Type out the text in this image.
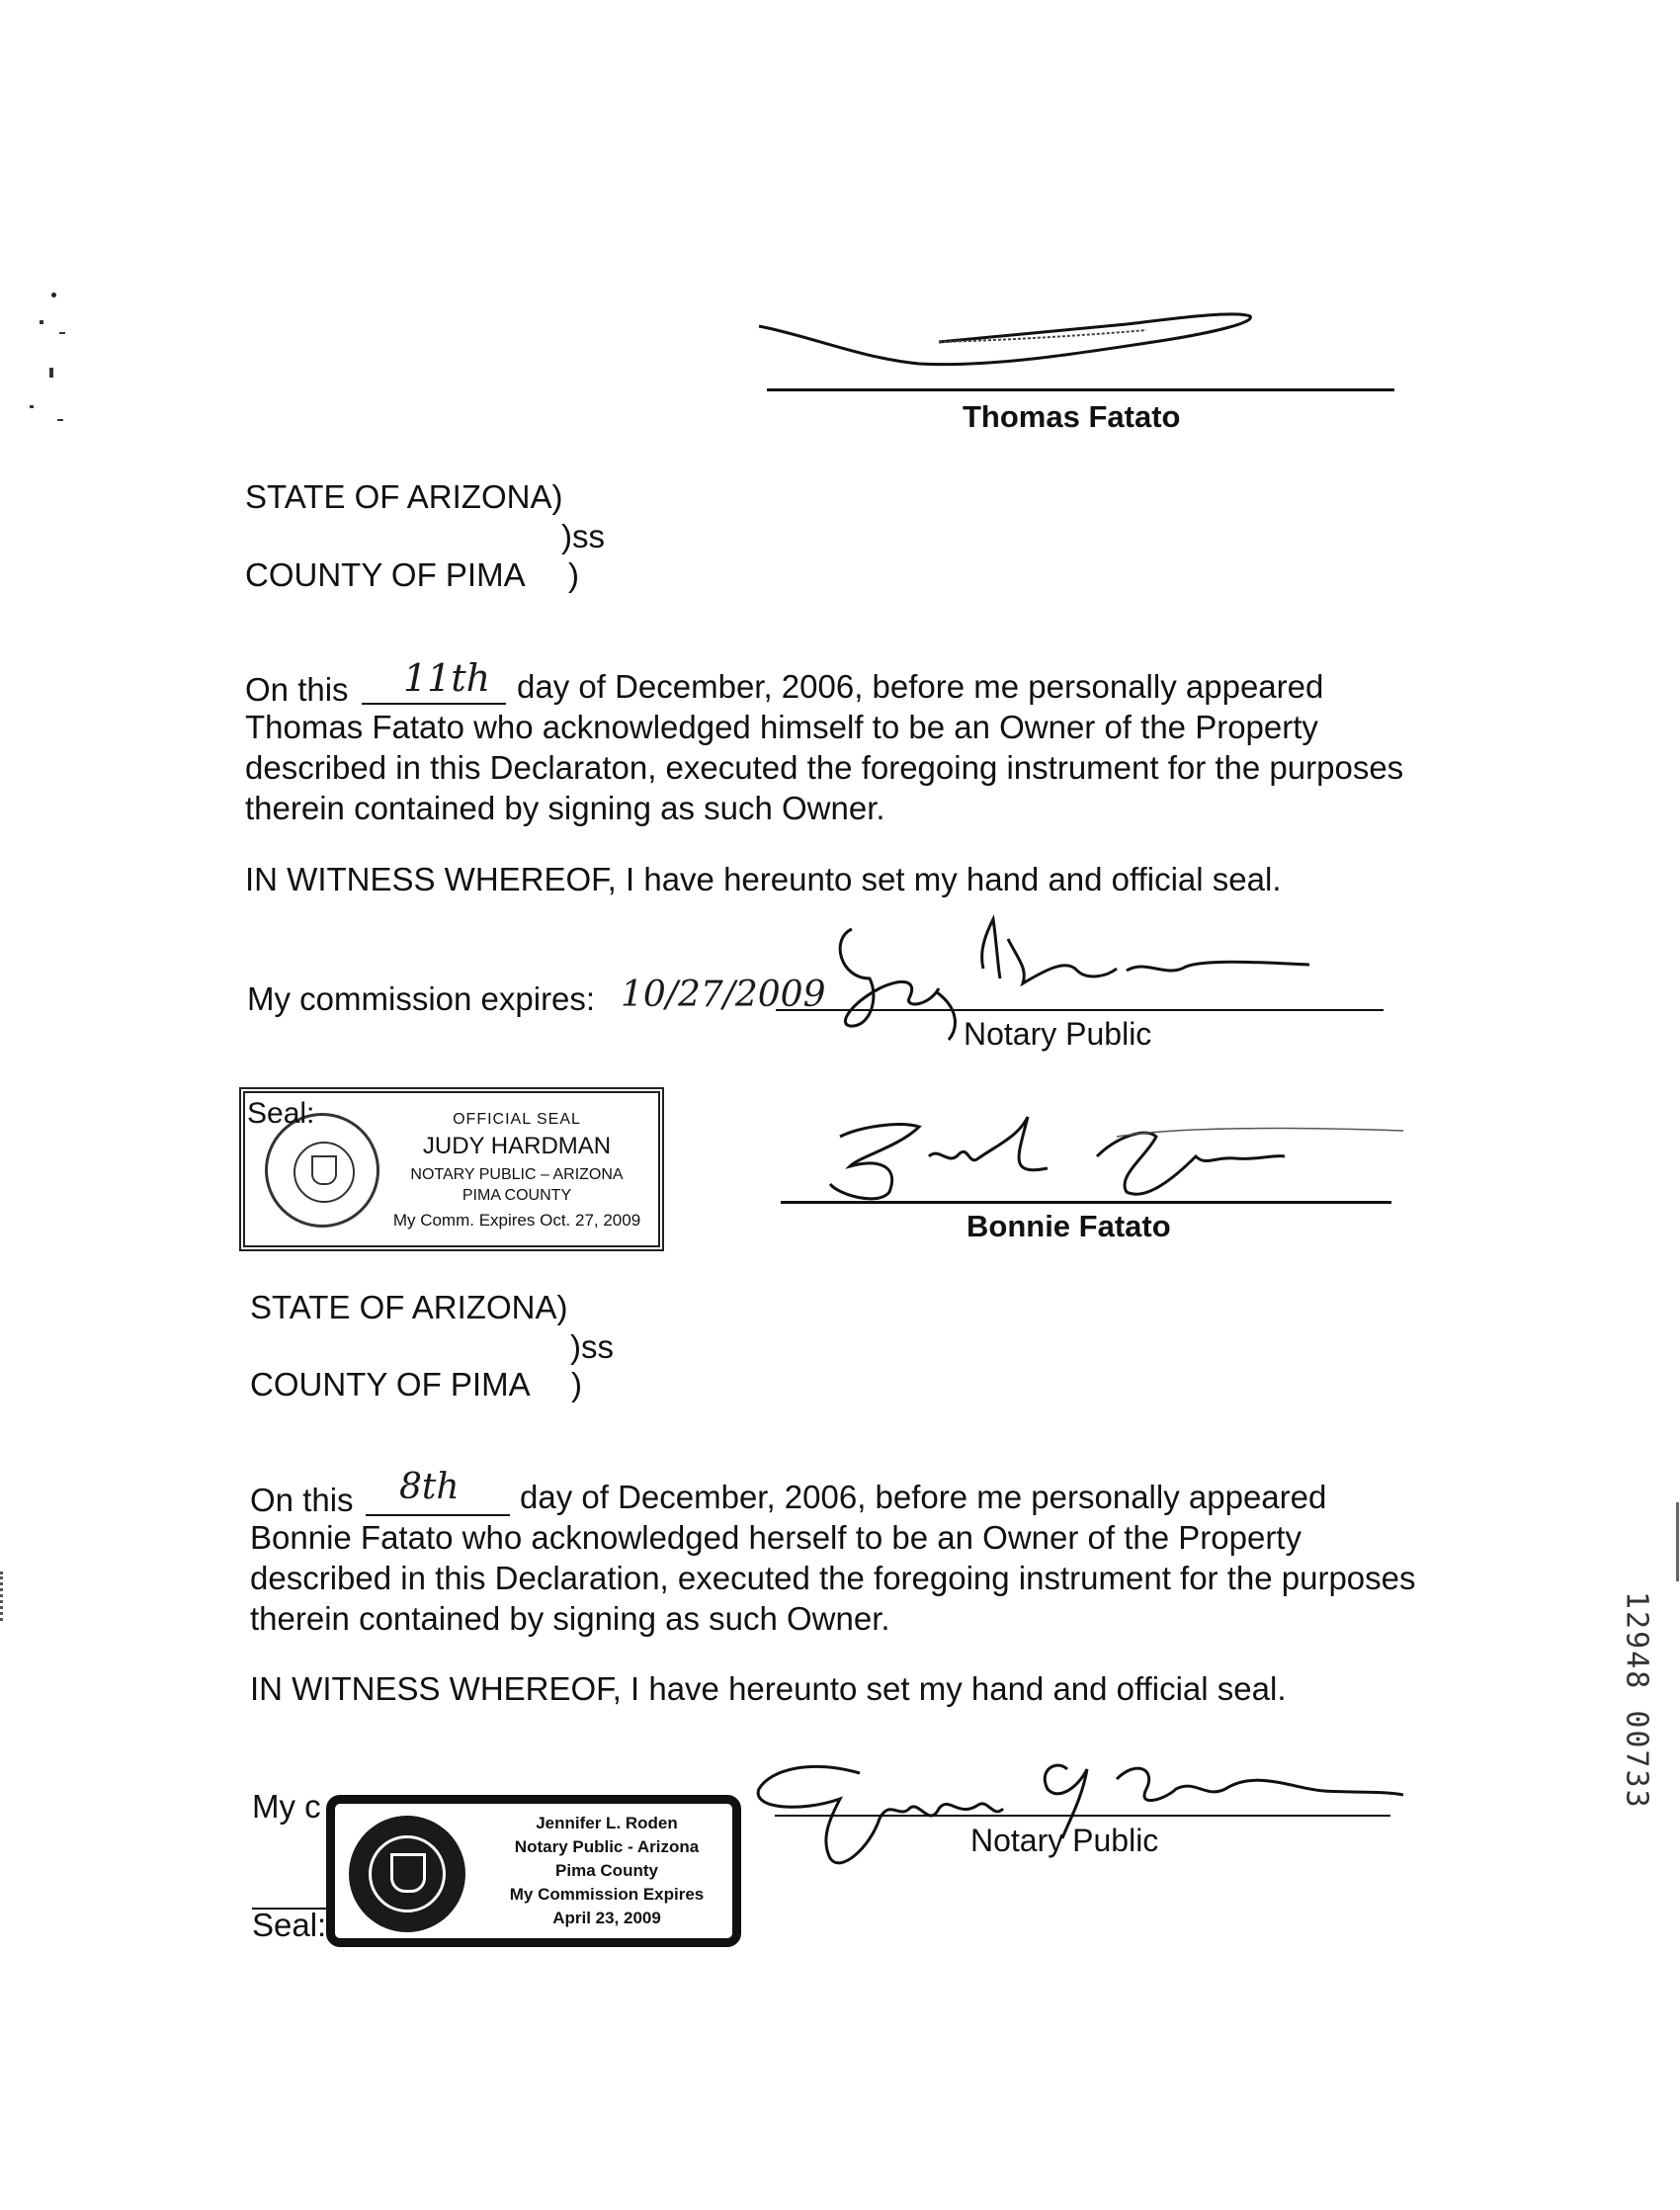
Thomas Fatato
STATE OF ARIZONA)
)ss
COUNTY OF PIMA )
On this 11th day of December, 2006, before me personally appeared
Thomas Fatato who acknowledged himself to be an Owner of the Property
described in this Declaraton, executed the foregoing instrument for the purposes
therein contained by signing as such Owner.
IN WITNESS WHEREOF, I have hereunto set my hand and official seal.
My commission expires: 10/27/2009
Notary Public
OFFICIAL SEAL
JUDY HARDMAN
NOTARY PUBLIC – ARIZONA
PIMA COUNTY
My Comm. Expires Oct. 27, 2009
Seal:
Bonnie Fatato
STATE OF ARIZONA)
)ss
COUNTY OF PIMA )
On this 8th day of December, 2006, before me personally appeared
Bonnie Fatato who acknowledged herself to be an Owner of the Property
described in this Declaration, executed the foregoing instrument for the purposes
therein contained by signing as such Owner.
IN WITNESS WHEREOF, I have hereunto set my hand and official seal.
My c
Seal:
Notary Public
Jennifer L. Roden
Notary Public - Arizona
Pima County
My Commission Expires
April 23, 2009
12948 00733
